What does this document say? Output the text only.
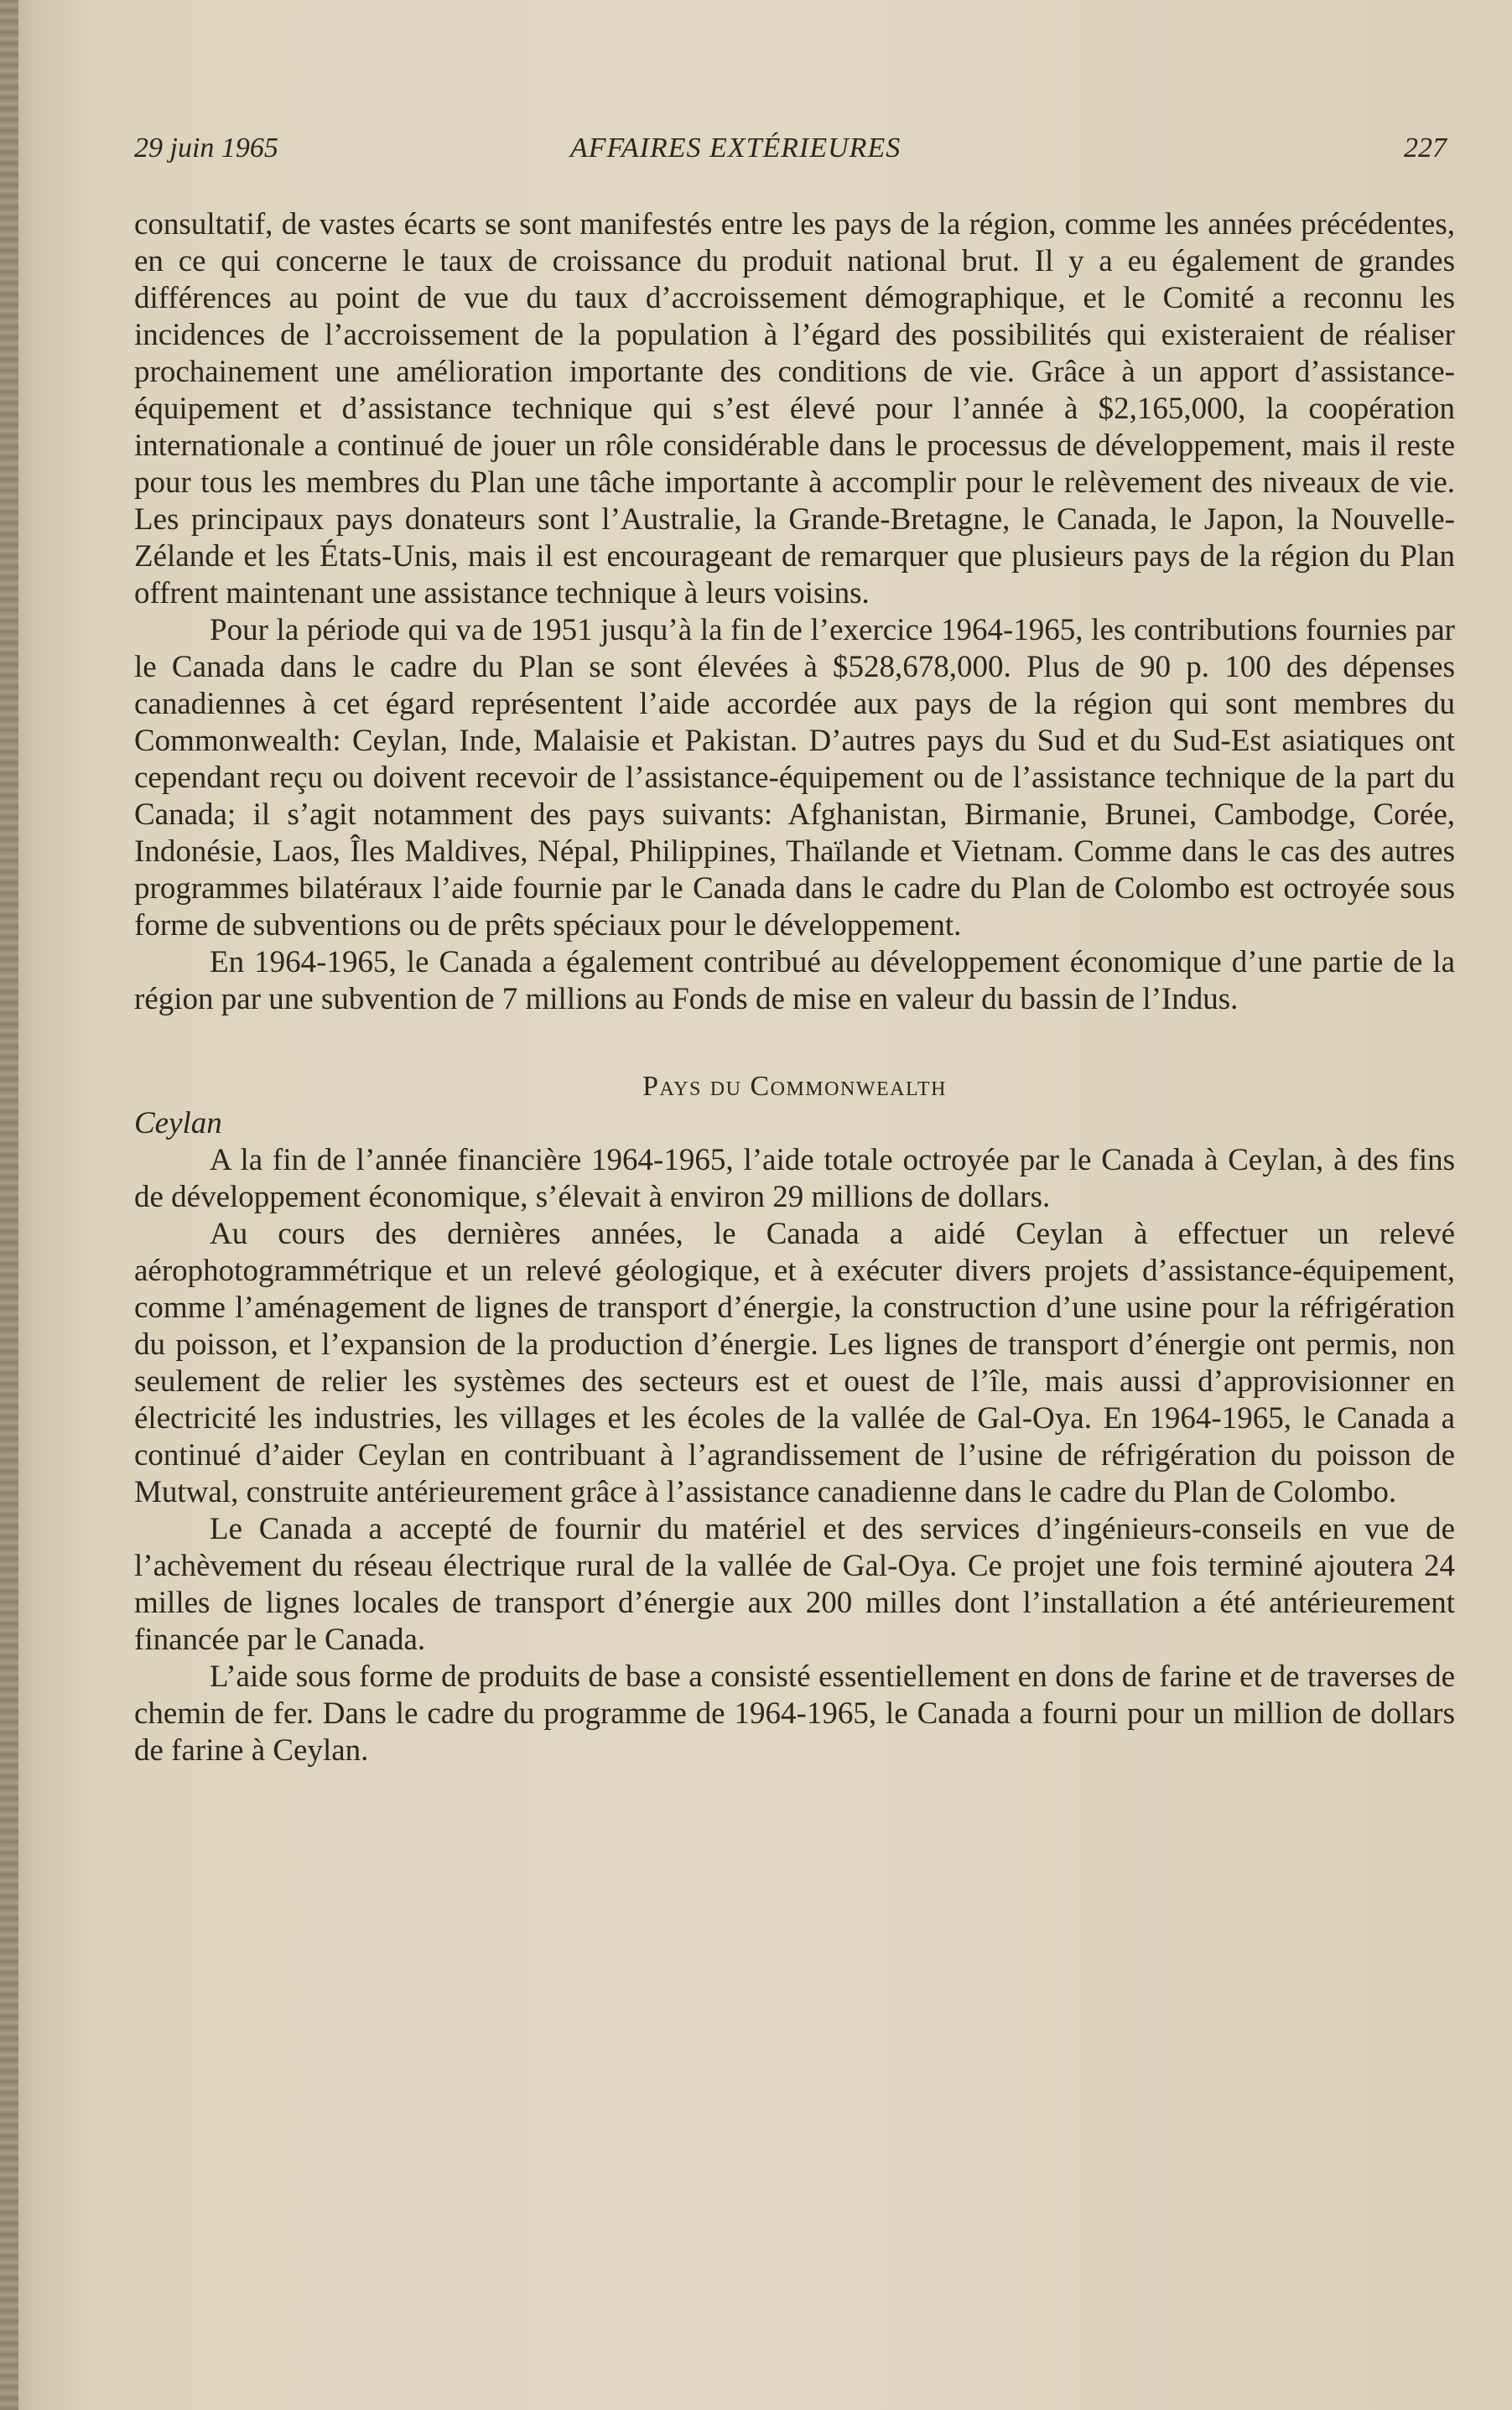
29 juin 1965	AFFAIRES EXTÉRIEURES	227

consultatif, de vastes écarts se sont manifestés entre les pays de la région, comme les années précédentes, en ce qui concerne le taux de croissance du produit national brut. Il y a eu également de grandes différences au point de vue du taux d’accroissement démographique, et le Comité a reconnu les incidences de l’accroissement de la population à l’égard des possibilités qui existeraient de réaliser prochainement une amélioration importante des conditions de vie. Grâce à un apport d’assistance-équipement et d’assistance technique qui s’est élevé pour l’année à $2,165,000, la coopération internationale a continué de jouer un rôle considérable dans le processus de développement, mais il reste pour tous les membres du Plan une tâche importante à accomplir pour le relèvement des niveaux de vie. Les principaux pays donateurs sont l’Australie, la Grande-Bretagne, le Canada, le Japon, la Nouvelle-Zélande et les États-Unis, mais il est encourageant de remarquer que plusieurs pays de la région du Plan offrent maintenant une assistance technique à leurs voisins.

Pour la période qui va de 1951 jusqu’à la fin de l’exercice 1964-1965, les contributions fournies par le Canada dans le cadre du Plan se sont élevées à $528,678,000. Plus de 90 p. 100 des dépenses canadiennes à cet égard représentent l’aide accordée aux pays de la région qui sont membres du Commonwealth: Ceylan, Inde, Malaisie et Pakistan. D’autres pays du Sud et du Sud-Est asiatiques ont cependant reçu ou doivent recevoir de l’assistance-équipement ou de l’assistance technique de la part du Canada; il s’agit notamment des pays suivants: Afghanistan, Birmanie, Brunei, Cambodge, Corée, Indonésie, Laos, Îles Maldives, Népal, Philippines, Thaïlande et Vietnam. Comme dans le cas des autres programmes bilatéraux l’aide fournie par le Canada dans le cadre du Plan de Colombo est octroyée sous forme de subventions ou de prêts spéciaux pour le développement.

En 1964-1965, le Canada a également contribué au développement économique d’une partie de la région par une subvention de 7 millions au Fonds de mise en valeur du bassin de l’Indus.

Pays du Commonwealth

Ceylan

A la fin de l’année financière 1964-1965, l’aide totale octroyée par le Canada à Ceylan, à des fins de développement économique, s’élevait à environ 29 millions de dollars.

Au cours des dernières années, le Canada a aidé Ceylan à effectuer un relevé aérophotogrammétrique et un relevé géologique, et à exécuter divers projets d’assistance-équipement, comme l’aménagement de lignes de transport d’énergie, la construction d’une usine pour la réfrigération du poisson, et l’expansion de la production d’énergie. Les lignes de transport d’énergie ont permis, non seulement de relier les systèmes des secteurs est et ouest de l’île, mais aussi d’approvisionner en électricité les industries, les villages et les écoles de la vallée de Gal-Oya. En 1964-1965, le Canada a continué d’aider Ceylan en contribuant à l’agrandissement de l’usine de réfrigération du poisson de Mutwal, construite antérieurement grâce à l’assistance canadienne dans le cadre du Plan de Colombo.

Le Canada a accepté de fournir du matériel et des services d’ingénieurs-conseils en vue de l’achèvement du réseau électrique rural de la vallée de Gal-Oya. Ce projet une fois terminé ajoutera 24 milles de lignes locales de transport d’énergie aux 200 milles dont l’installation a été antérieurement financée par le Canada.

L’aide sous forme de produits de base a consisté essentiellement en dons de farine et de traverses de chemin de fer. Dans le cadre du programme de 1964-1965, le Canada a fourni pour un million de dollars de farine à Ceylan.
